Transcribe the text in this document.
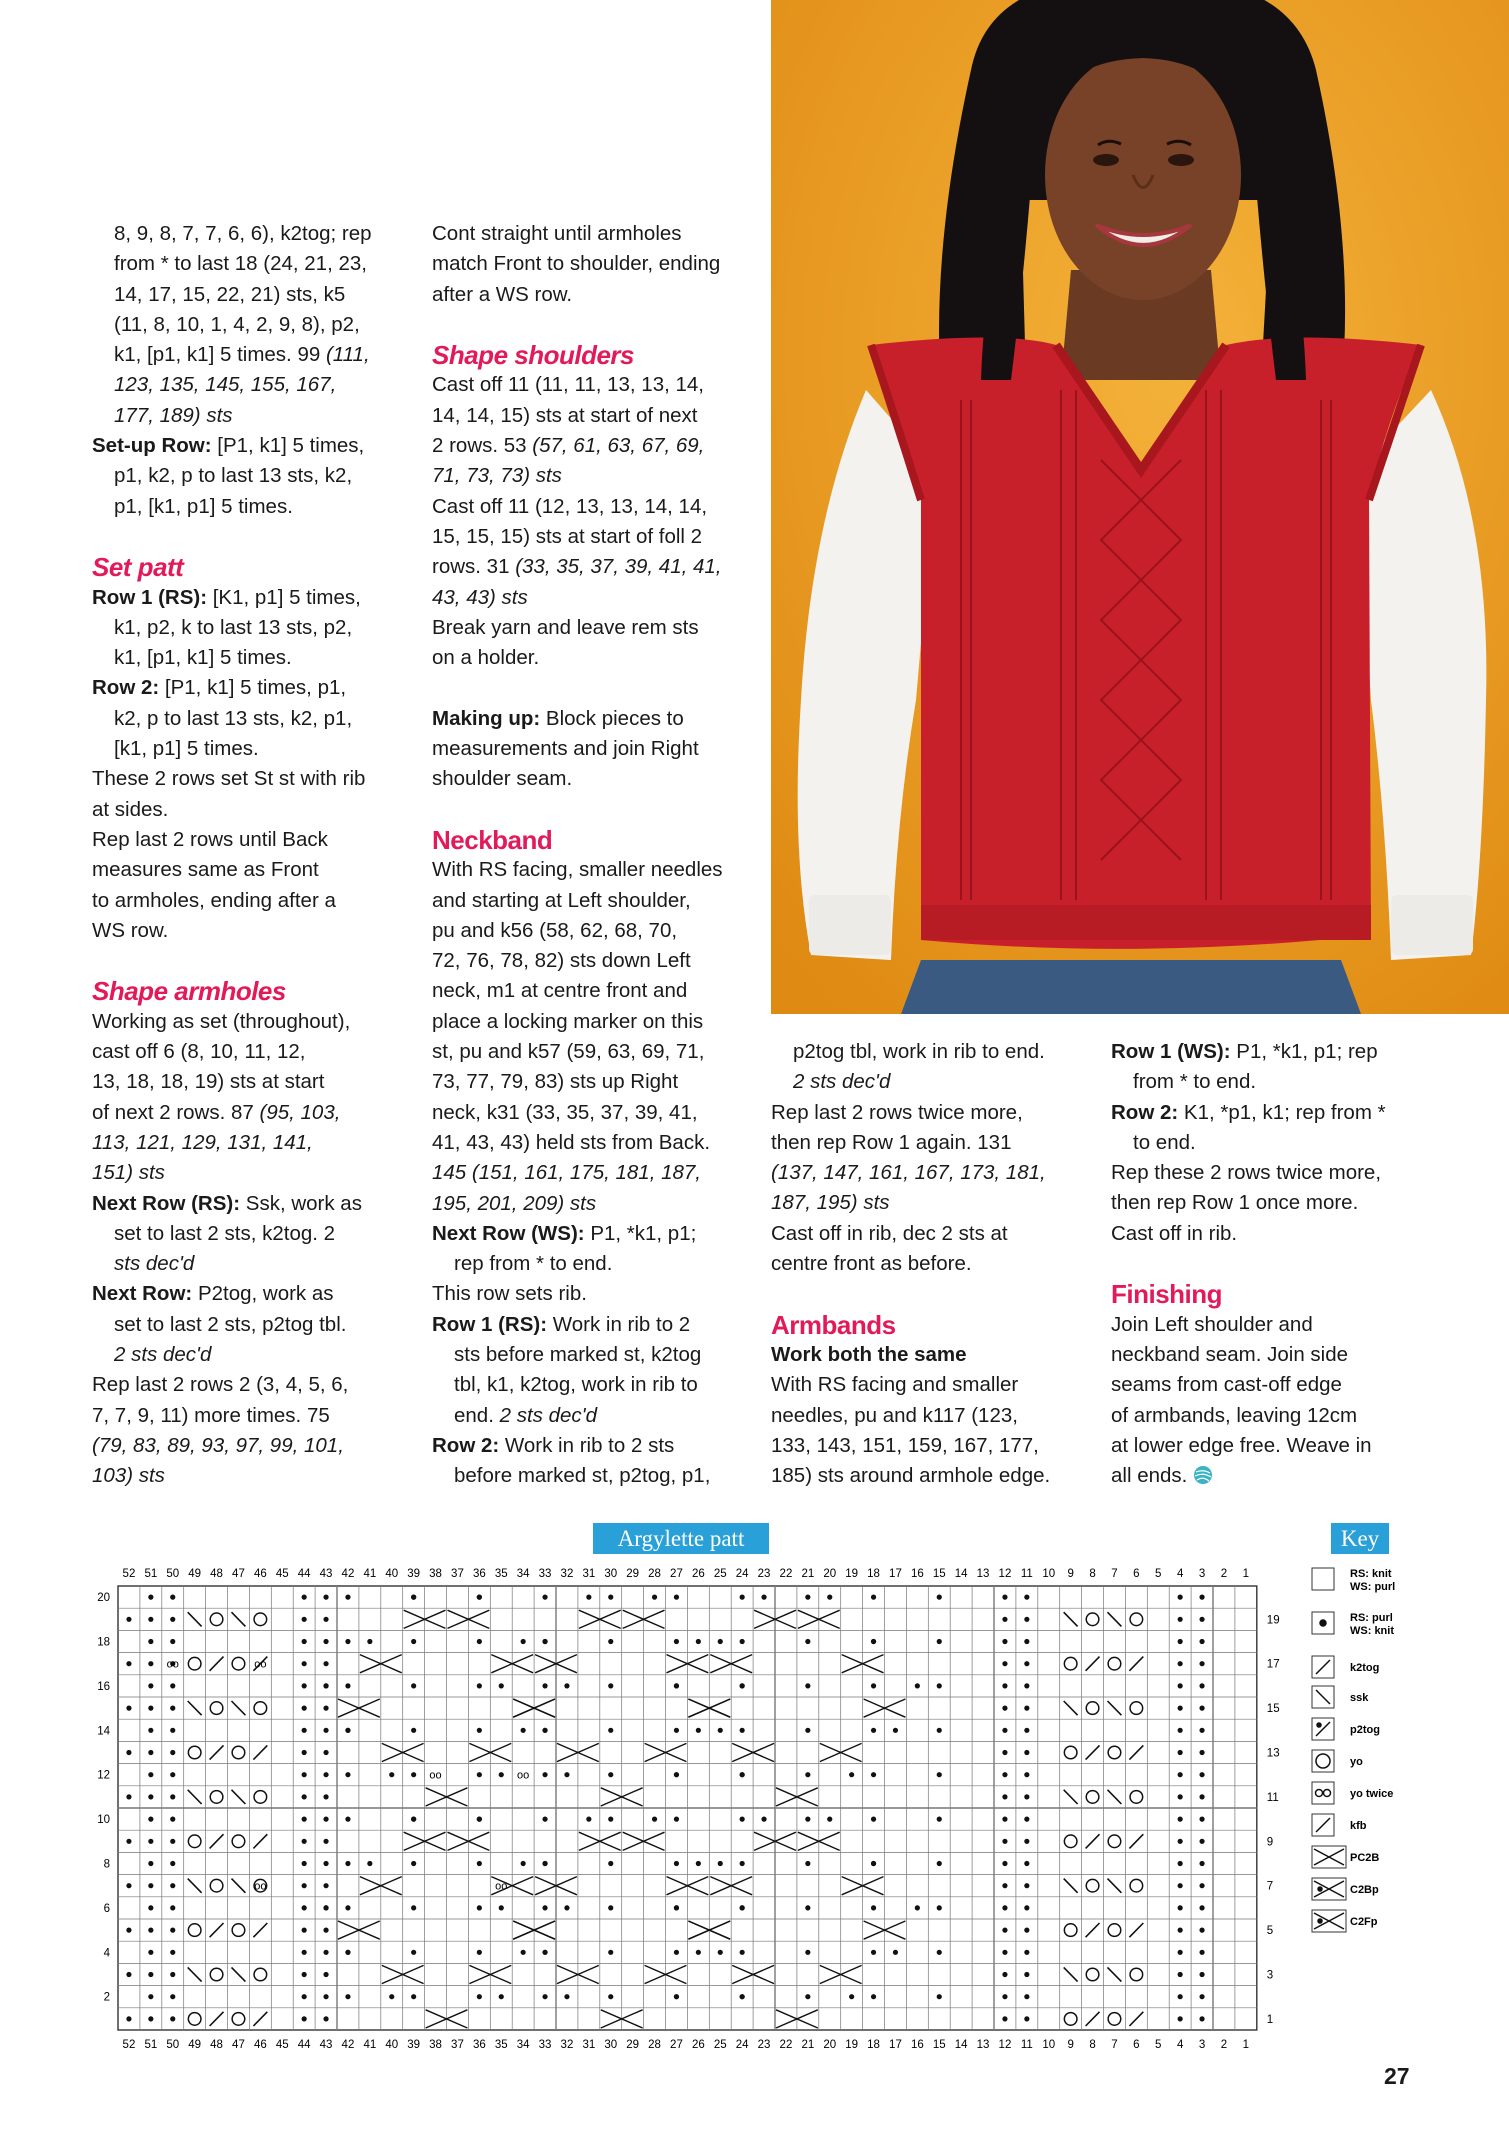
8, 9, 8, 7, 7, 6, 6), k2tog; rep

from * to last 18 (24, 21, 23,

14, 17, 15, 22, 21) sts, k5

(11, 8, 10, 1, 4, 2, 9, 8), p2,

k1, [p1, k1] 5 times. 99 (111,

123, 135, 145, 155, 167,

177, 189) sts

Set-up Row: [P1, k1] 5 times,

p1, k2, p to last 13 sts, k2,

p1, [k1, p1] 5 times.

Set patt

Row 1 (RS): [K1, p1] 5 times,

k1, p2, k to last 13 sts, p2,

k1, [p1, k1] 5 times.

Row 2: [P1, k1] 5 times, p1,

k2, p to last 13 sts, k2, p1,

[k1, p1] 5 times.

These 2 rows set St st with rib

at sides.

Rep last 2 rows until Back

measures same as Front

to armholes, ending after a

WS row.

Shape armholes

Working as set (throughout),

cast off 6 (8, 10, 11, 12,

13, 18, 18, 19) sts at start

of next 2 rows. 87 (95, 103,

113, 121, 129, 131, 141,

151) sts

Next Row (RS): Ssk, work as

set to last 2 sts, k2tog. 2

sts dec'd

Next Row: P2tog, work as

set to last 2 sts, p2tog tbl.

2 sts dec'd

Rep last 2 rows 2 (3, 4, 5, 6,

7, 7, 9, 11) more times. 75

(79, 83, 89, 93, 97, 99, 101,

103) sts

Cont straight until armholes

match Front to shoulder, ending

after a WS row.

Shape shoulders

Cast off 11 (11, 11, 13, 13, 14,

14, 14, 15) sts at start of next

2 rows. 53 (57, 61, 63, 67, 69,

71, 73, 73) sts

Cast off 11 (12, 13, 13, 14, 14,

15, 15, 15) sts at start of foll 2

rows. 31 (33, 35, 37, 39, 41, 41,

43, 43) sts

Break yarn and leave rem sts

on a holder.

Making up: Block pieces to

measurements and join Right

shoulder seam.

Neckband

With RS facing, smaller needles

and starting at Left shoulder,

pu and k56 (58, 62, 68, 70,

72, 76, 78, 82) sts down Left

neck, m1 at centre front and

place a locking marker on this

st, pu and k57 (59, 63, 69, 71,

73, 77, 79, 83) sts up Right

neck, k31 (33, 35, 37, 39, 41,

41, 43, 43) held sts from Back.

145 (151, 161, 175, 181, 187,

195, 201, 209) sts

Next Row (WS): P1, *k1, p1;

rep from * to end.

This row sets rib.

Row 1 (RS): Work in rib to 2

sts before marked st, k2tog

tbl, k1, k2tog, work in rib to

end. 2 sts dec'd

Row 2: Work in rib to 2 sts

before marked st, p2tog, p1,

p2tog tbl, work in rib to end.

2 sts dec'd

Rep last 2 rows twice more,

then rep Row 1 again. 131

(137, 147, 161, 167, 173, 181,

187, 195) sts

Cast off in rib, dec 2 sts at

centre front as before.

Armbands

Work both the same

With RS facing and smaller

needles, pu and k117 (123,

133, 143, 151, 159, 167, 177,

185) sts around armhole edge.

Row 1 (WS): P1, *k1, p1; rep

from * to end.

Row 2: K1, *p1, k1; rep from *

to end.

Rep these 2 rows twice more,

then rep Row 1 once more.

Cast off in rib.

Finishing

Join Left shoulder and

neckband seam. Join side

seams from cast-off edge

of armbands, leaving 12cm

at lower edge free. Weave in

all ends.

Argylette patt	Key
52
52
51
51
50
50
49
49
48
48
47
47
46
46
45
45
44
44
43
43
42
42
41
41
40
40
39
39
38
38
37
37
36
36
35
35
34
34
33
33
32
32
31
31
30
30
29
29
28
28
27
27
26
26
25
25
24
24
23
23
22
22
21
21
20
20
19
19
18
18
17
17
16
16
15
15
14
14
13
13
12
12
11
11
10
10
9
9
8
8
7
7
6
6
5
5
4
4
3
3
2
2
1
1
19
17
15
13
11
9
7
5
3
1
20
18
16
14
12
10
8
6
4
2
oo	oo
oo	oo
oo	oo
RS: knit
WS: purl
RS: purl
WS: knit
k2tog
ssk
p2tog
yo
yo twice
kfb
PC2B
C2Bp
C2Fp
27
